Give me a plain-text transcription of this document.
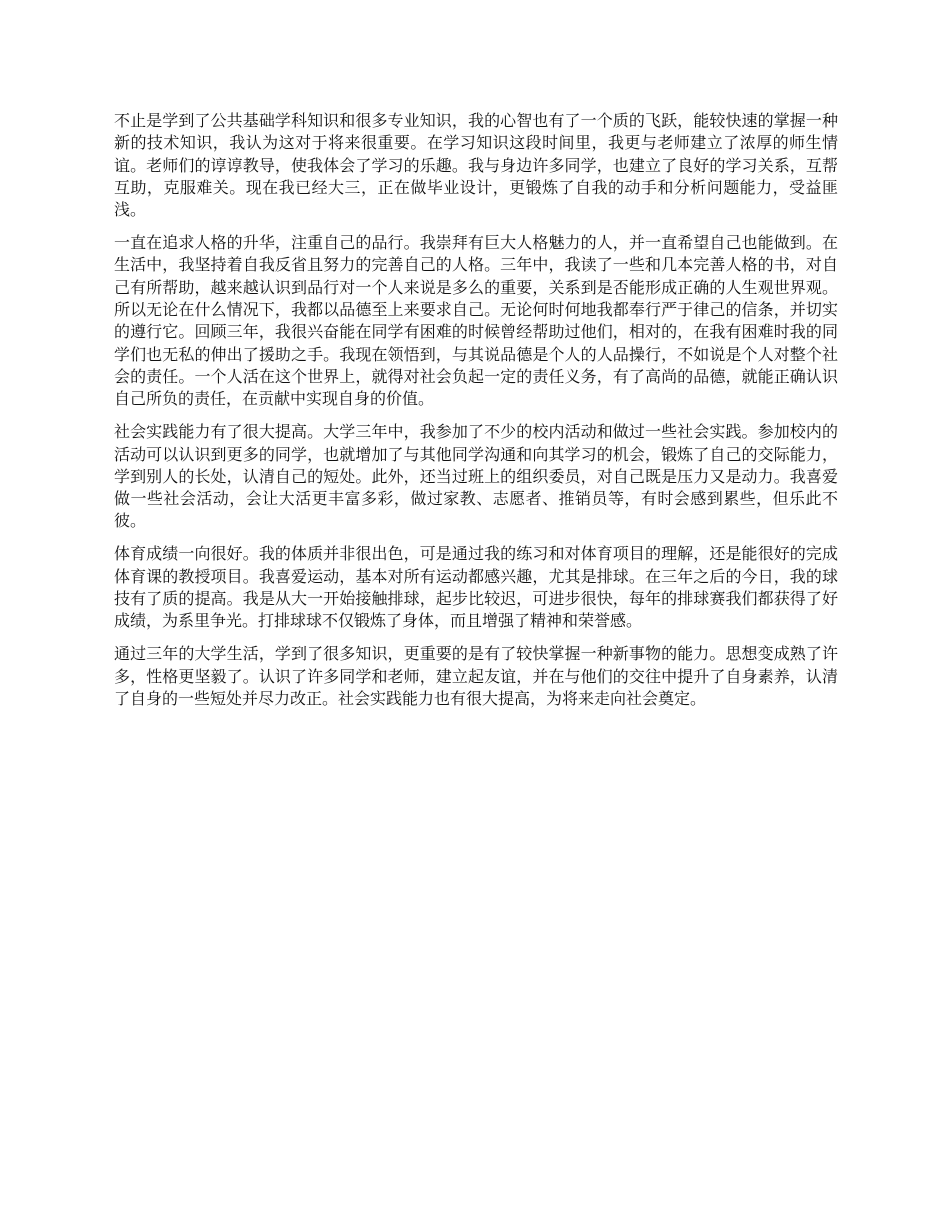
不止是学到了公共基础学科知识和很多专业知识，我的心智也有了一个质的飞跃，能较快速的掌握一种新的技术知识，我认为这对于将来很重要。在学习知识这段时间里，我更与老师建立了浓厚的师生情谊。老师们的谆谆教导，使我体会了学习的乐趣。我与身边许多同学，也建立了良好的学习关系，互帮互助，克服难关。现在我已经大三，正在做毕业设计，更锻炼了自我的动手和分析问题能力，受益匪浅。

一直在追求人格的升华，注重自己的品行。我崇拜有巨大人格魅力的人，并一直希望自己也能做到。在生活中，我坚持着自我反省且努力的完善自己的人格。三年中，我读了一些和几本完善人格的书，对自己有所帮助，越来越认识到品行对一个人来说是多么的重要，关系到是否能形成正确的人生观世界观。所以无论在什么情况下，我都以品德至上来要求自己。无论何时何地我都奉行严于律己的信条，并切实的遵行它。回顾三年，我很兴奋能在同学有困难的时候曾经帮助过他们，相对的，在我有困难时我的同学们也无私的伸出了援助之手。我现在领悟到，与其说品德是个人的人品操行，不如说是个人对整个社会的责任。一个人活在这个世界上，就得对社会负起一定的责任义务，有了高尚的品德，就能正确认识自己所负的责任，在贡献中实现自身的价值。

社会实践能力有了很大提高。大学三年中，我参加了不少的校内活动和做过一些社会实践。参加校内的活动可以认识到更多的同学，也就增加了与其他同学沟通和向其学习的机会，锻炼了自己的交际能力，学到别人的长处，认清自己的短处。此外，还当过班上的组织委员，对自己既是压力又是动力。我喜爱做一些社会活动，会让大活更丰富多彩，做过家教、志愿者、推销员等，有时会感到累些，但乐此不彼。

体育成绩一向很好。我的体质并非很出色，可是通过我的练习和对体育项目的理解，还是能很好的完成体育课的教授项目。我喜爱运动，基本对所有运动都感兴趣，尤其是排球。在三年之后的今日，我的球技有了质的提高。我是从大一开始接触排球，起步比较迟，可进步很快，每年的排球赛我们都获得了好成绩，为系里争光。打排球球不仅锻炼了身体，而且增强了精神和荣誉感。

通过三年的大学生活，学到了很多知识，更重要的是有了较快掌握一种新事物的能力。思想变成熟了许多，性格更坚毅了。认识了许多同学和老师，建立起友谊，并在与他们的交往中提升了自身素养，认清了自身的一些短处并尽力改正。社会实践能力也有很大提高，为将来走向社会奠定。
